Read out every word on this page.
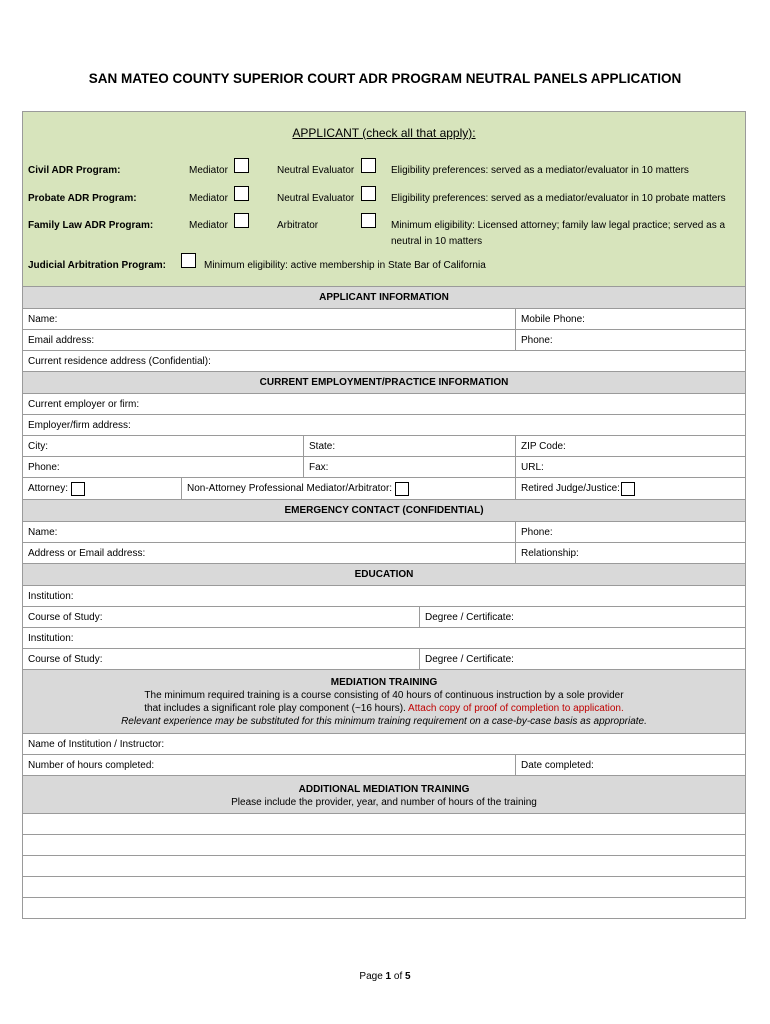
SAN MATEO COUNTY SUPERIOR COURT ADR PROGRAM NEUTRAL PANELS APPLICATION
APPLICANT (check all that apply):
Civil ADR Program:	Mediator	Neutral Evaluator	Eligibility preferences: served as a mediator/evaluator in 10 matters
Probate ADR Program:	Mediator	Neutral Evaluator	Eligibility preferences: served as a mediator/evaluator in 10 probate matters
Family Law ADR Program:	Mediator	Arbitrator	Minimum eligibility: Licensed attorney; family law legal practice; served as a
neutral in 10 matters
Judicial Arbitration Program:	Minimum eligibility: active membership in State Bar of California
APPLICANT INFORMATION
Name:	Mobile Phone:
Email address:	Phone:
Current residence address (Confidential):
CURRENT EMPLOYMENT/PRACTICE INFORMATION
Current employer or firm:
Employer/firm address:
City:	State:	ZIP Code:
Phone:	Fax:	URL:
Attorney:	Non-Attorney Professional Mediator/Arbitrator:	Retired Judge/Justice:
EMERGENCY CONTACT (CONFIDENTIAL)
Name:	Phone:
Address or Email address:	Relationship:
EDUCATION
Institution:
Course of Study:	Degree / Certificate:
Institution:
Course of Study:	Degree / Certificate:
MEDIATION TRAINING
The minimum required training is a course consisting of 40 hours of continuous instruction by a sole provider
that includes a significant role play component (~16 hours). Attach copy of proof of completion to application.
Relevant experience may be substituted for this minimum training requirement on a case-by-case basis as appropriate.
Name of Institution / Instructor:
Number of hours completed:	Date completed:
ADDITIONAL MEDIATION TRAINING
Please include the provider, year, and number of hours of the training
Page 1 of 5
